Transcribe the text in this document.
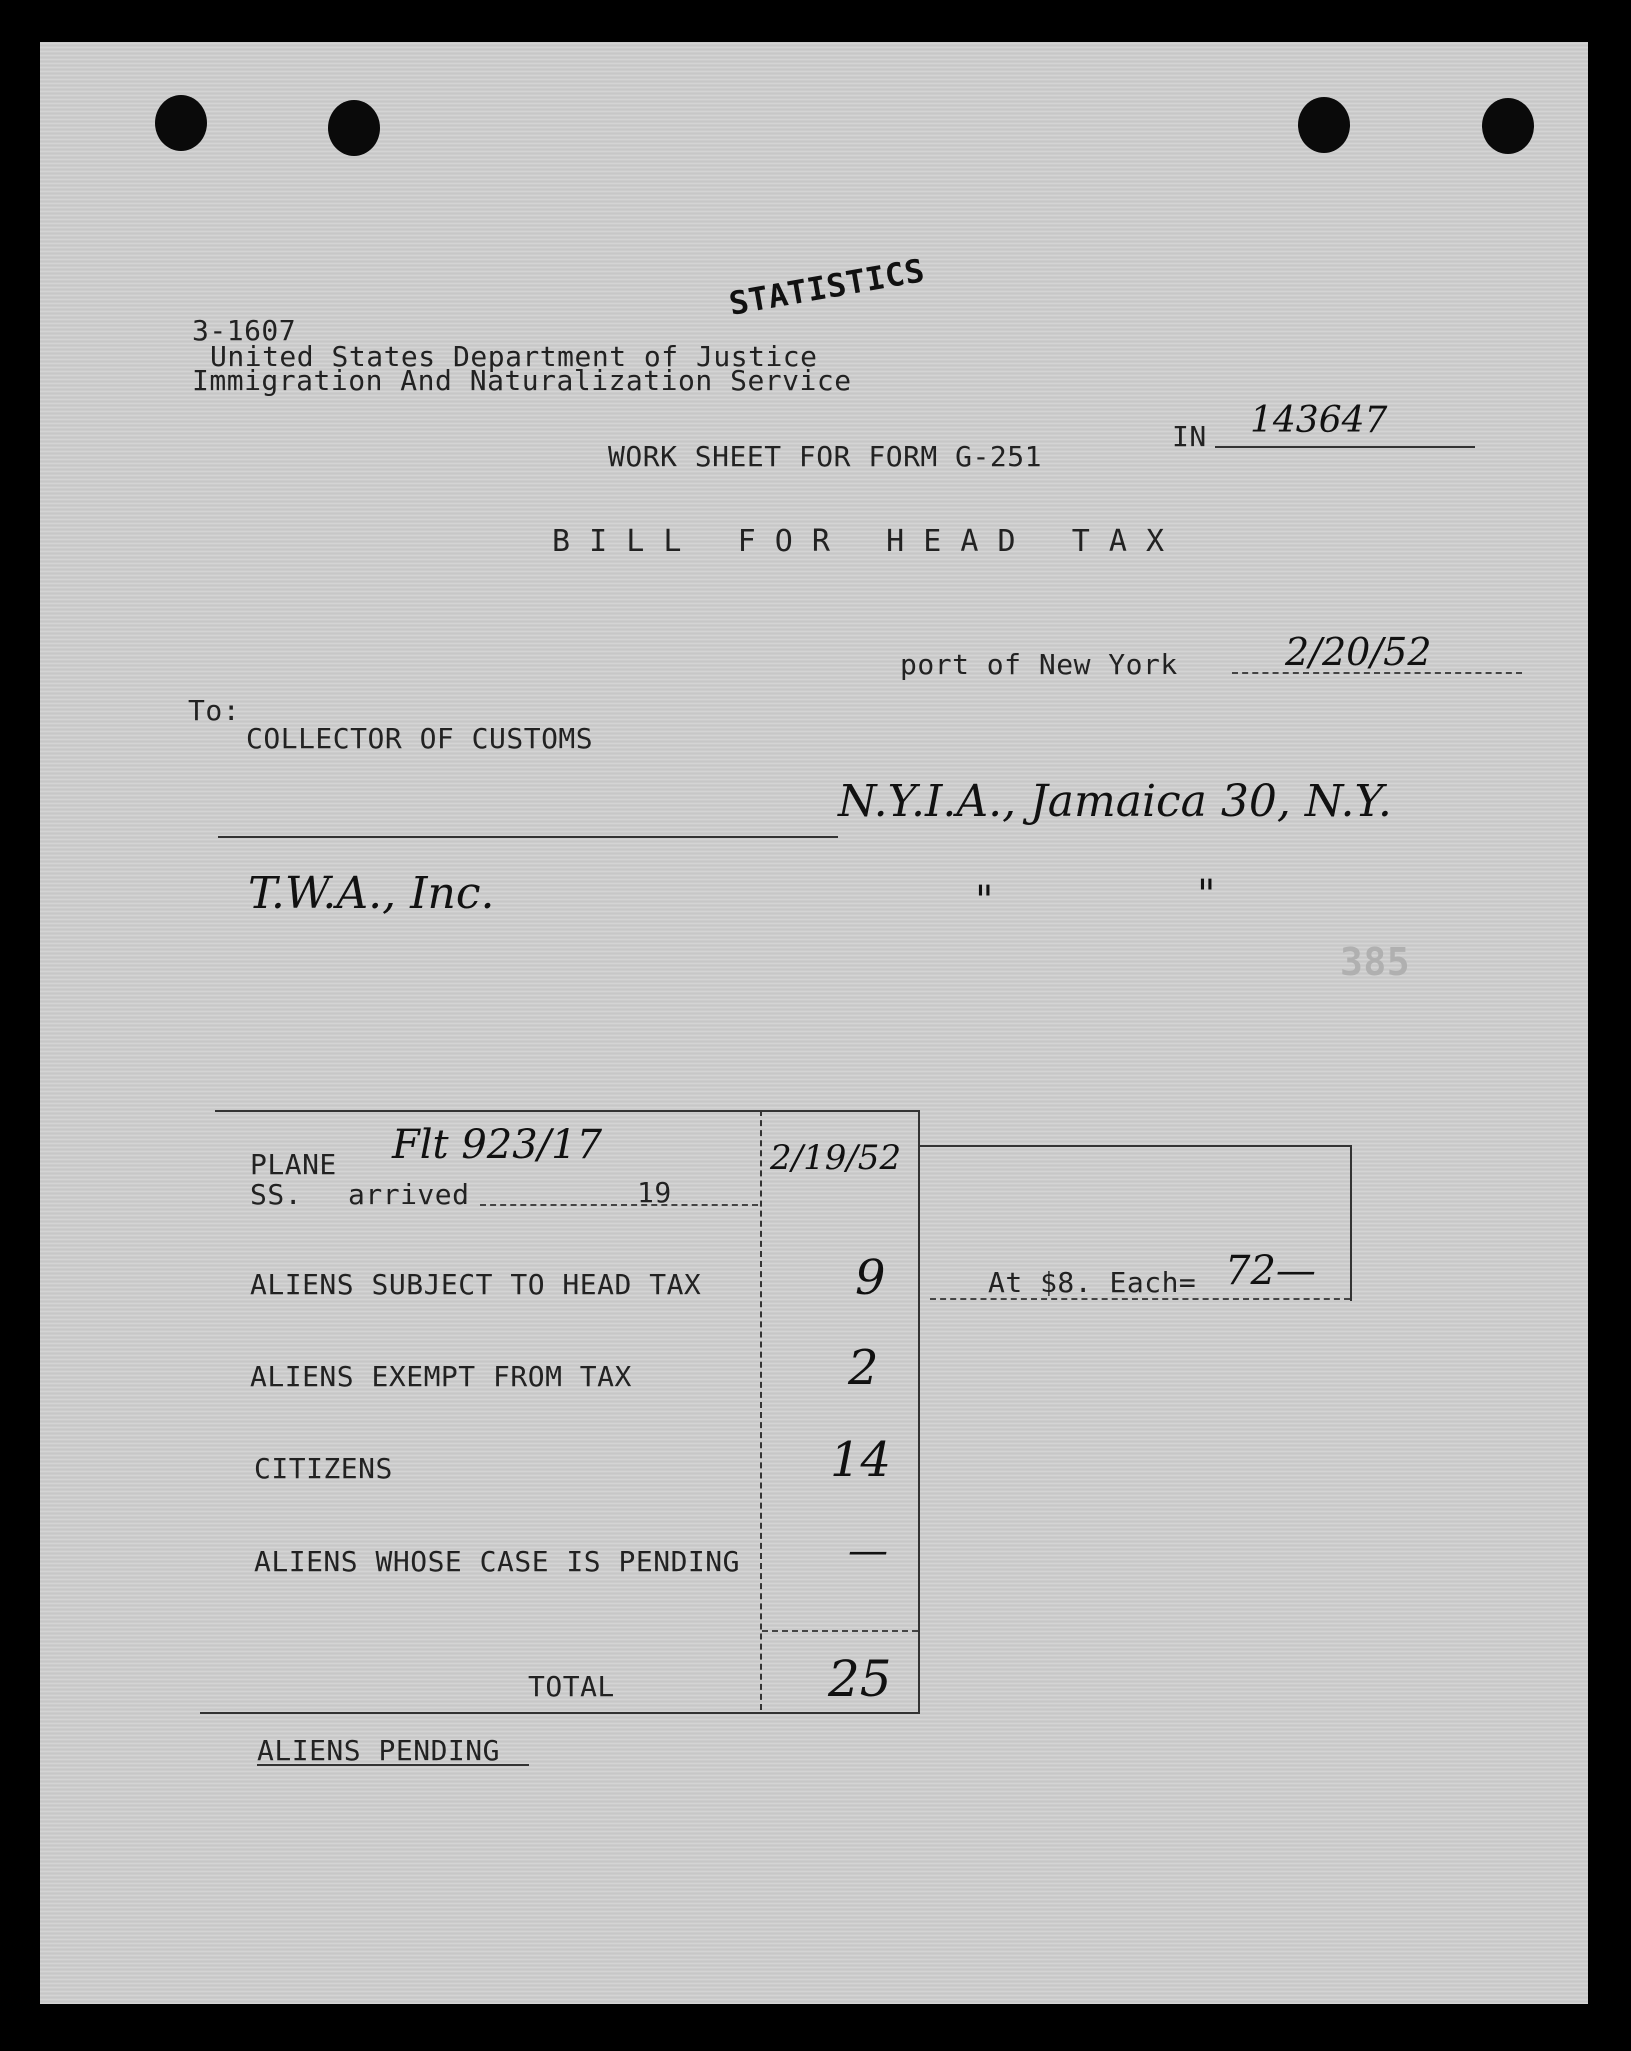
STATISTICS
3-1607
United States Department of Justice
Immigration And Naturalization Service
WORK SHEET FOR FORM G-251
IN 143647
B I L L   F O R   H E A D   T A X
port of New York	2/20/52
To:
COLLECTOR OF CUSTOMS
N.Y.I.A., Jamaica 30, N.Y.
T.W.A., Inc.	"	"
385
PLANE Flt 923/17
SS. arrived	19
2/19/52
ALIENS SUBJECT TO HEAD TAX	9	At $8. Each= 72—
ALIENS EXEMPT FROM TAX	2
CITIZENS	14
ALIENS WHOSE CASE IS PENDING	—
TOTAL	25
ALIENS PENDING
